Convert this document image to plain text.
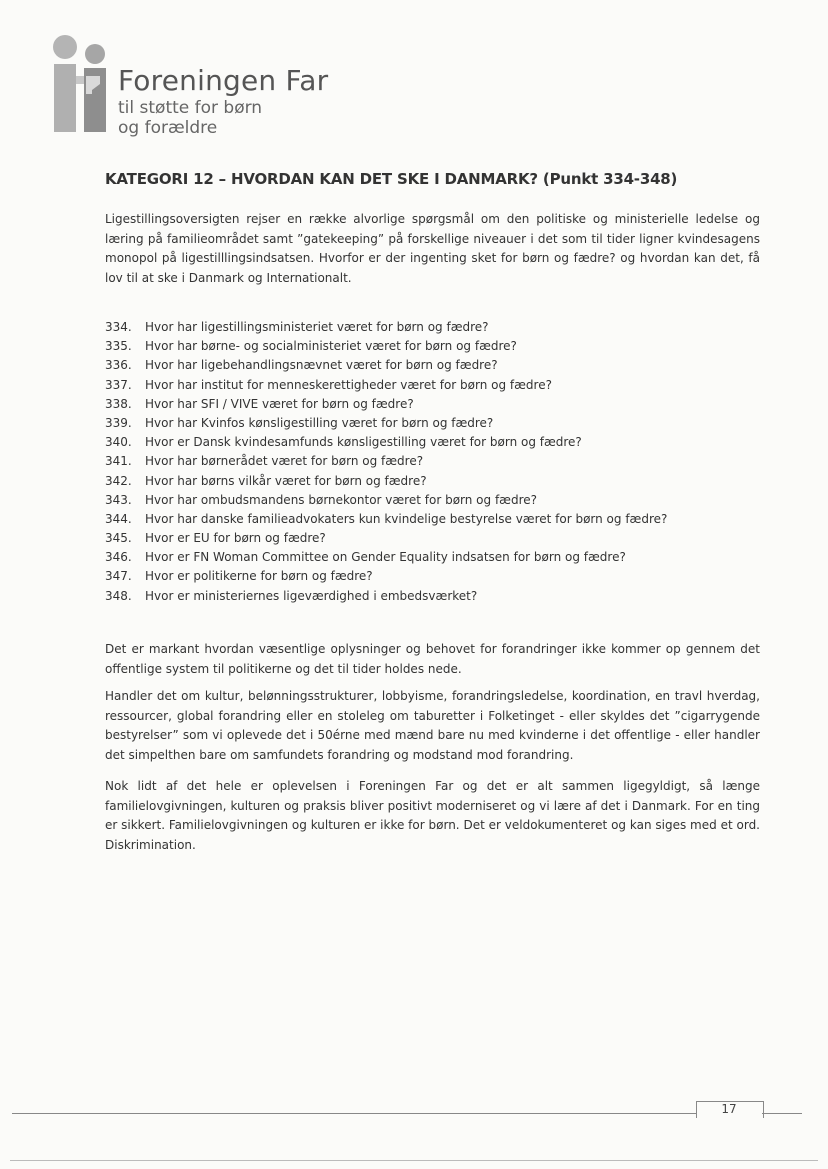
Foreningen Far
til støtte for børn
og forældre
KATEGORI 12 – HVORDAN KAN DET SKE I DANMARK? (Punkt 334-348)

Ligestillingsoversigten rejser en række alvorlige spørgsmål om den politiske og ministerielle ledelse og læring på familieområdet samt ”gatekeeping” på forskellige niveauer i det som til tider ligner kvindesagens monopol på ligestilllingsindsatsen. Hvorfor er der ingenting sket for børn og fædre? og hvordan kan det, få lov til at ske i Danmark og Internationalt.

334. Hvor har ligestillingsministeriet været for børn og fædre?
335. Hvor har børne- og socialministeriet været for børn og fædre?
336. Hvor har ligebehandlingsnævnet været for børn og fædre?
337. Hvor har institut for menneskerettigheder været for børn og fædre?
338. Hvor har SFI / VIVE været for børn og fædre?
339. Hvor har Kvinfos kønsligestilling været for børn og fædre?
340. Hvor er Dansk kvindesamfunds kønsligestilling været for børn og fædre?
341. Hvor har børnerådet været for børn og fædre?
342. Hvor har børns vilkår været for børn og fædre?
343. Hvor har ombudsmandens børnekontor været for børn og fædre?
344. Hvor har danske familieadvokaters kun kvindelige bestyrelse været for børn og fædre?
345. Hvor er EU for børn og fædre?
346. Hvor er FN Woman Committee on Gender Equality indsatsen for børn og fædre?
347. Hvor er politikerne for børn og fædre?
348. Hvor er ministeriernes ligeværdighed i embedsværket?

Det er markant hvordan væsentlige oplysninger og behovet for forandringer ikke kommer op gennem det offentlige system til politikerne og det til tider holdes nede.

Handler det om kultur, belønningsstrukturer, lobbyisme, forandringsledelse, koordination, en travl hverdag, ressourcer, global forandring eller en stoleleg om taburetter i Folketinget - eller skyldes det ”cigarrygende bestyrelser” som vi oplevede det i 50érne med mænd bare nu med kvinderne i det offentlige - eller handler det simpelthen bare om samfundets forandring og modstand mod forandring.

Nok lidt af det hele er oplevelsen i Foreningen Far og det er alt sammen ligegyldigt, så længe familielovgivningen, kulturen og praksis bliver positivt moderniseret og vi lære af det i Danmark. For en ting er sikkert. Familielovgivningen og kulturen er ikke for børn. Det er veldokumenteret og kan siges med et ord. Diskrimination.

17
